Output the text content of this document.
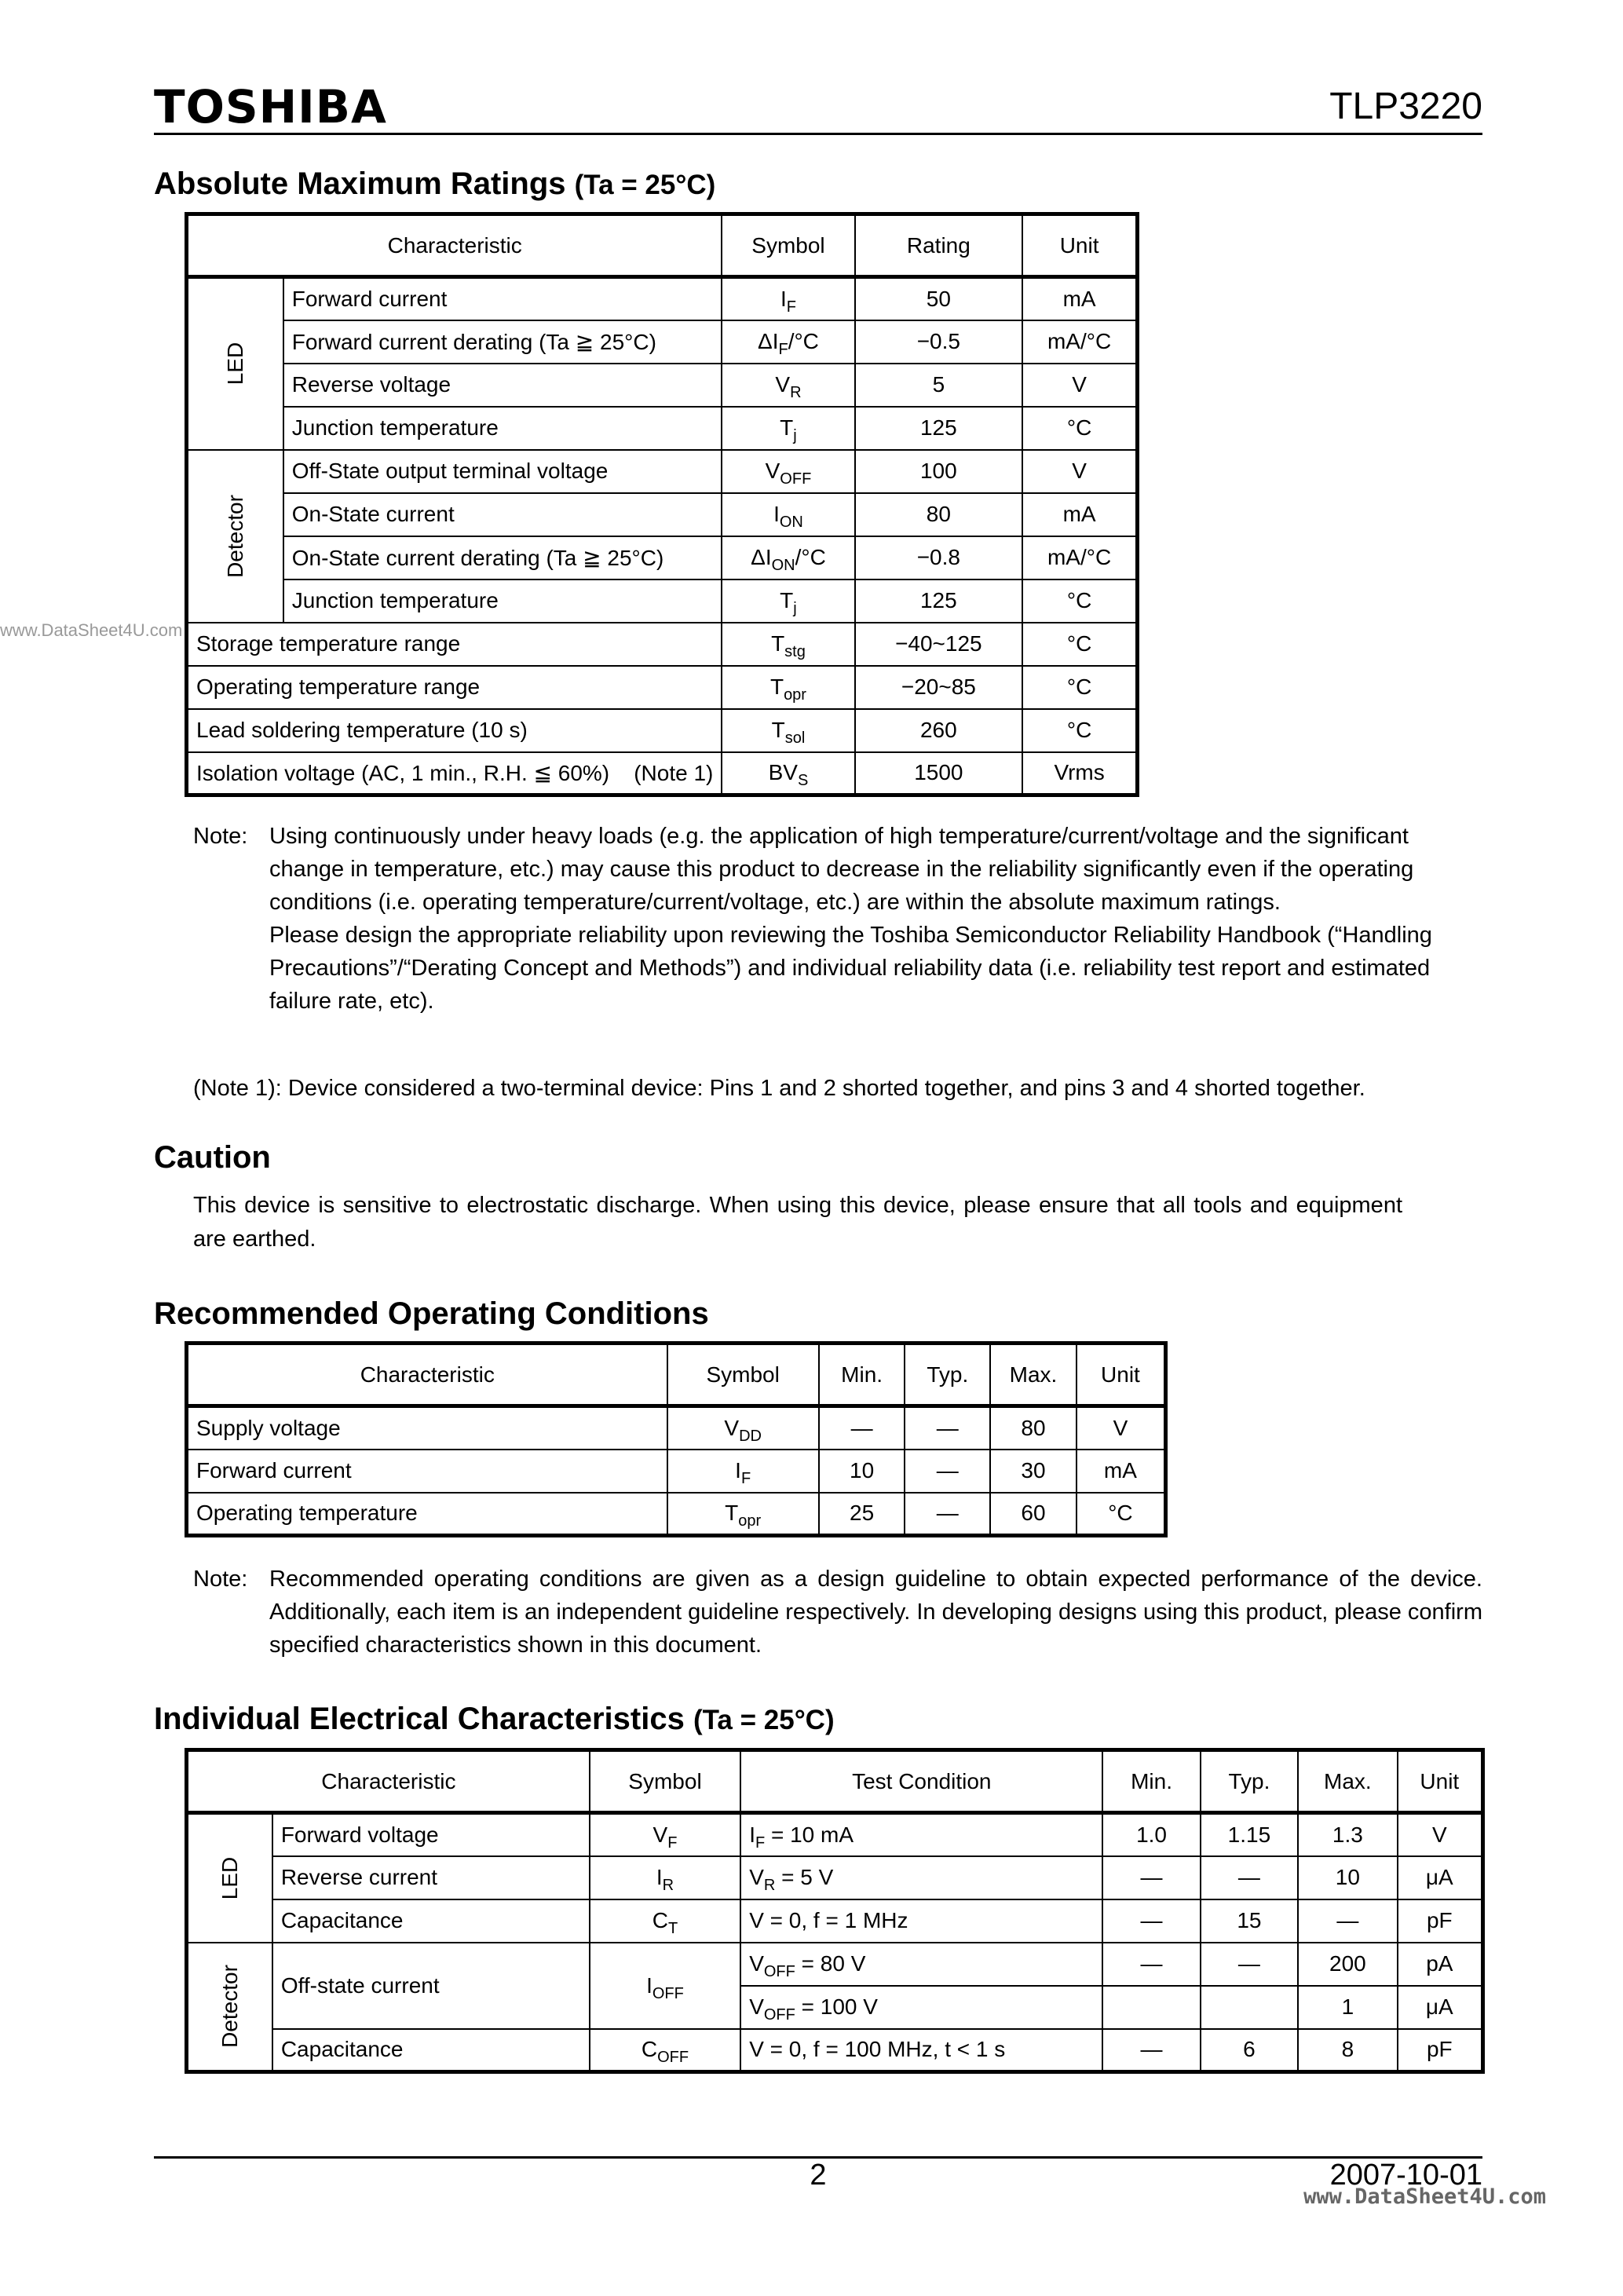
TOSHIBA	TLP3220
www.DataSheet4U.com
Absolute Maximum Ratings (Ta = 25°C)
Characteristic		Symbol	Rating	Unit
LED	Forward current	$I_F$	50	mA
	Forward current derating (Ta ≧ 25°C)	$\Delta I_F/^\circ C$	−0.5	mA/°C
	Reverse voltage	$V_R$	5	V
	Junction temperature	$T_j$	125	°C
Detector	Off-State output terminal voltage	$V_{OFF}$	100	V
	On-State current	$I_{ON}$	80	mA
	On-State current derating (Ta ≧ 25°C)	$\Delta I_{ON}/^\circ C$	−0.8	mA/°C
	Junction temperature	$T_j$	125	°C
Storage temperature range		$T_{stg}$	−40~125	°C
Operating temperature range		$T_{opr}$	−20~85	°C
Lead soldering temperature (10 s)		$T_{sol}$	260	°C
Isolation voltage (AC, 1 min., R.H. ≦ 60%) (Note 1)		$BV_S$	1500	Vrms
Note: Using continuously under heavy loads (e.g. the application of high temperature/current/voltage and the significant change in temperature, etc.) may cause this product to decrease in the reliability significantly even if the operating conditions (i.e. operating temperature/current/voltage, etc.) are within the absolute maximum ratings.
Please design the appropriate reliability upon reviewing the Toshiba Semiconductor Reliability Handbook (“Handling Precautions”/“Derating Concept and Methods”) and individual reliability data (i.e. reliability test report and estimated failure rate, etc).
(Note 1): Device considered a two-terminal device: Pins 1 and 2 shorted together, and pins 3 and 4 shorted together.
Caution
This device is sensitive to electrostatic discharge. When using this device, please ensure that all tools and equipment are earthed.
Recommended Operating Conditions
Characteristic	Symbol	Min.	Typ.	Max.	Unit
Supply voltage	$V_{DD}$	—	—	80	V
Forward current	$I_F$	10	—	30	mA
Operating temperature	$T_{opr}$	25	—	60	°C
Note: Recommended operating conditions are given as a design guideline to obtain expected performance of the device. Additionally, each item is an independent guideline respectively. In developing designs using this product, please confirm specified characteristics shown in this document.
Individual Electrical Characteristics (Ta = 25°C)
Characteristic		Symbol	Test Condition	Min.	Typ.	Max.	Unit
LED	Forward voltage	$V_F$	$I_F = 10$ mA	1.0	1.15	1.3	V
	Reverse current	$I_R$	$V_R = 5$ V	—	—	10	μA
	Capacitance	$C_T$	V = 0, f = 1 MHz	—	15	—	pF
Detector	Off-state current	$I_{OFF}$	$V_{OFF} = 80$ V	—	—	200	pA
			$V_{OFF} = 100$ V			1	μA
	Capacitance	$C_{OFF}$	V = 0, f = 100 MHz, t < 1 s	—	6	8	pF
2	2007-10-01
www.DataSheet4U.com
